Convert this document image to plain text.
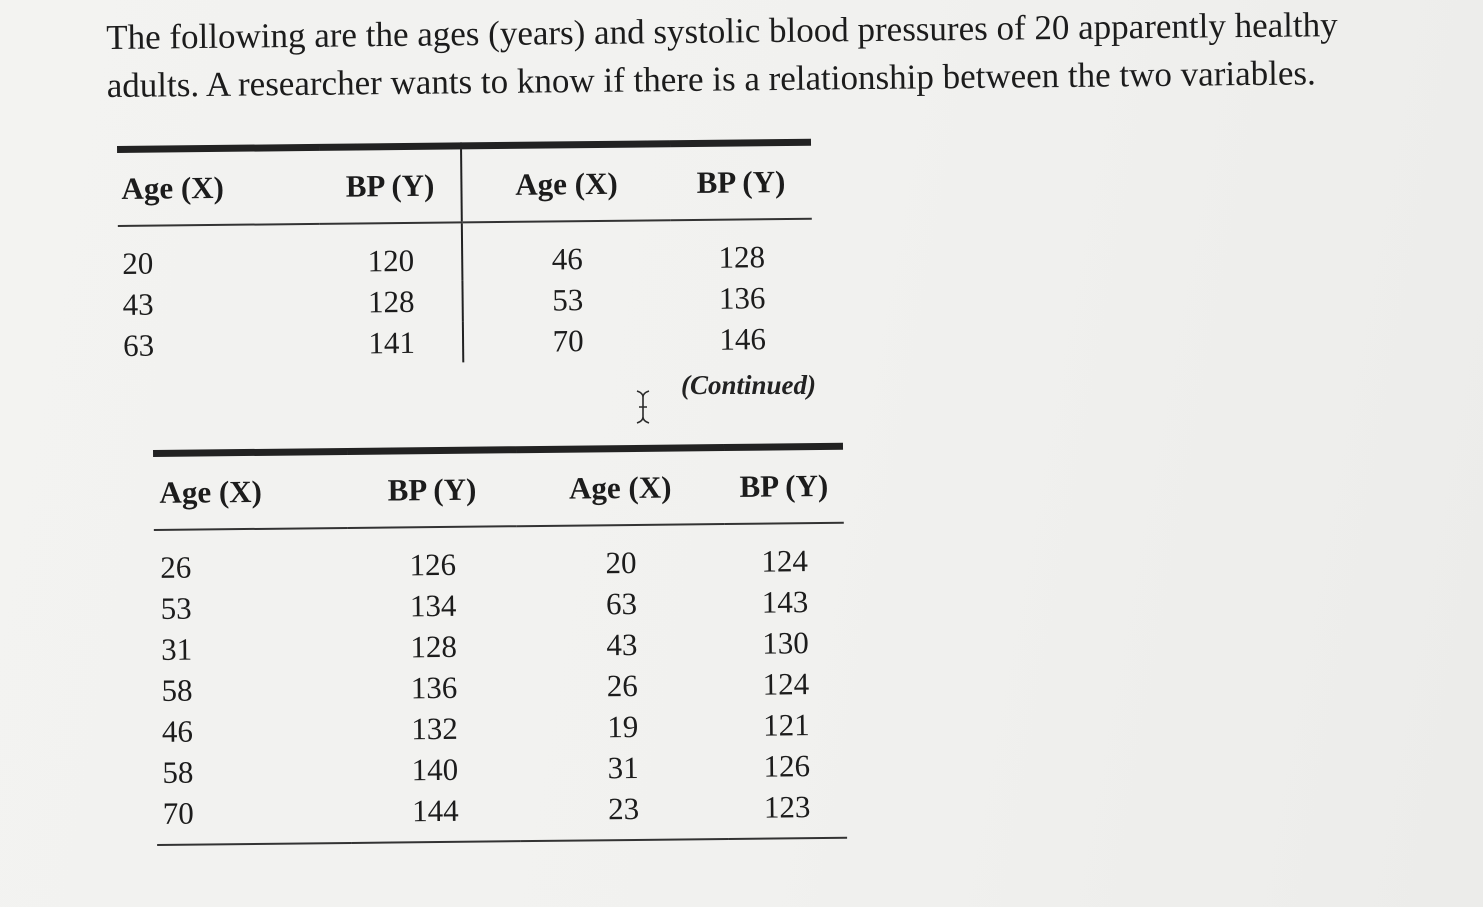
The following are the ages (years) and systolic blood pressures of 20 apparently healthy adults. A researcher wants to know if there is a relationship between the two variables.

Age (X)	BP (Y)	Age (X)	BP (Y)
20	120	46	128
43	128	53	136
63	141	70	146

(Continued)

Age (X)	BP (Y)	Age (X)	BP (Y)
26	126	20	124
53	134	63	143
31	128	43	130
58	136	26	124
46	132	19	121
58	140	31	126
70	144	23	123
